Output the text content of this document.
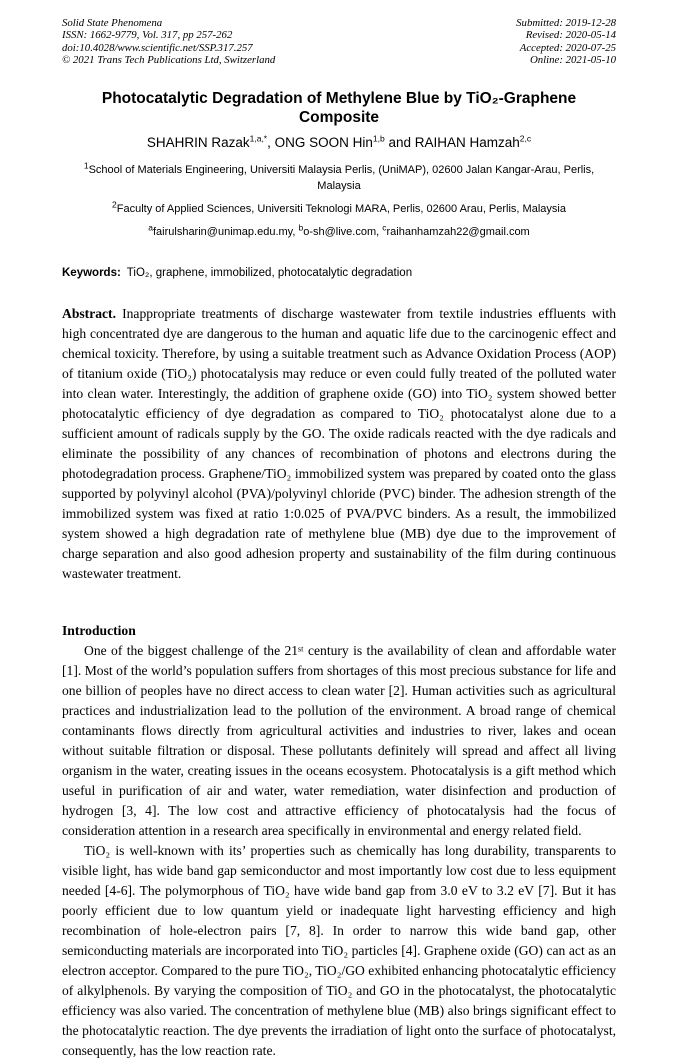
Solid State Phenomena
ISSN: 1662-9779, Vol. 317, pp 257-262
doi:10.4028/www.scientific.net/SSP.317.257
© 2021 Trans Tech Publications Ltd, Switzerland
Submitted: 2019-12-28
Revised: 2020-05-14
Accepted: 2020-07-25
Online: 2021-05-10
Photocatalytic Degradation of Methylene Blue by TiO₂-Graphene Composite
SHAHRIN Razak$^{1,a,*}$, ONG SOON Hin$^{1,b}$ and RAIHAN Hamzah$^{2,c}$
$^1$School of Materials Engineering, Universiti Malaysia Perlis, (UniMAP), 02600 Jalan Kangar-Arau, Perlis, Malaysia
$^2$Faculty of Applied Sciences, Universiti Teknologi MARA, Perlis, 02600 Arau, Perlis, Malaysia
$^a$fairulsharin@unimap.edu.my, $^b$o-sh@live.com, $^c$raihanhamzah22@gmail.com
Keywords: TiO₂, graphene, immobilized, photocatalytic degradation

Abstract. Inappropriate treatments of discharge wastewater from textile industries effluents with high concentrated dye are dangerous to the human and aquatic life due to the carcinogenic effect and chemical toxicity. Therefore, by using a suitable treatment such as Advance Oxidation Process (AOP) of titanium oxide (TiO₂) photocatalysis may reduce or even could fully treated of the polluted water into clean water. Interestingly, the addition of graphene oxide (GO) into TiO₂ system showed better photocatalytic efficiency of dye degradation as compared to TiO₂ photocatalyst alone due to a sufficient amount of radicals supply by the GO. The oxide radicals reacted with the dye radicals and eliminate the possibility of any chances of recombination of photons and electrons during the photodegradation process. Graphene/TiO₂ immobilized system was prepared by coated onto the glass supported by polyvinyl alcohol (PVA)/polyvinyl chloride (PVC) binder. The adhesion strength of the immobilized system was fixed at ratio 1:0.025 of PVA/PVC binders. As a result, the immobilized system showed a high degradation rate of methylene blue (MB) dye due to the improvement of charge separation and also good adhesion property and sustainability of the film during continuous wastewater treatment.

Introduction

One of the biggest challenge of the 21ˢᵗ century is the availability of clean and affordable water [1]. Most of the world’s population suffers from shortages of this most precious substance for life and one billion of peoples have no direct access to clean water [2]. Human activities such as agricultural practices and industrialization lead to the pollution of the environment. A broad range of chemical contaminants flows directly from agricultural activities and industries to river, lakes and ocean without suitable filtration or disposal. These pollutants definitely will spread and affect all living organism in the water, creating issues in the oceans ecosystem. Photocatalysis is a gift method which useful in purification of air and water, water remediation, water disinfection and production of hydrogen [3, 4]. The low cost and attractive efficiency of photocatalysis had the focus of consideration attention in a research area specifically in environmental and energy related field.

TiO₂ is well-known with its’ properties such as chemically has long durability, transparents to visible light, has wide band gap semiconductor and most importantly low cost due to less equipment needed [4-6]. The polymorphous of TiO₂ have wide band gap from 3.0 eV to 3.2 eV [7]. But it has poorly efficient due to low quantum yield or inadequate light harvesting efficiency and high recombination of hole-electron pairs [7, 8]. In order to narrow this wide band gap, other semiconducting materials are incorporated into TiO₂ particles [4]. Graphene oxide (GO) can act as an electron acceptor. Compared to the pure TiO₂, TiO₂/GO exhibited enhancing photocatalytic efficiency of alkylphenols. By varying the composition of TiO₂ and GO in the photocatalyst, the photocatalytic efficiency was also varied. The concentration of methylene blue (MB) also brings significant effect to the photocatalytic reaction. The dye prevents the irradiation of light onto the surface of photocatalyst, consequently, has the low reaction rate.
